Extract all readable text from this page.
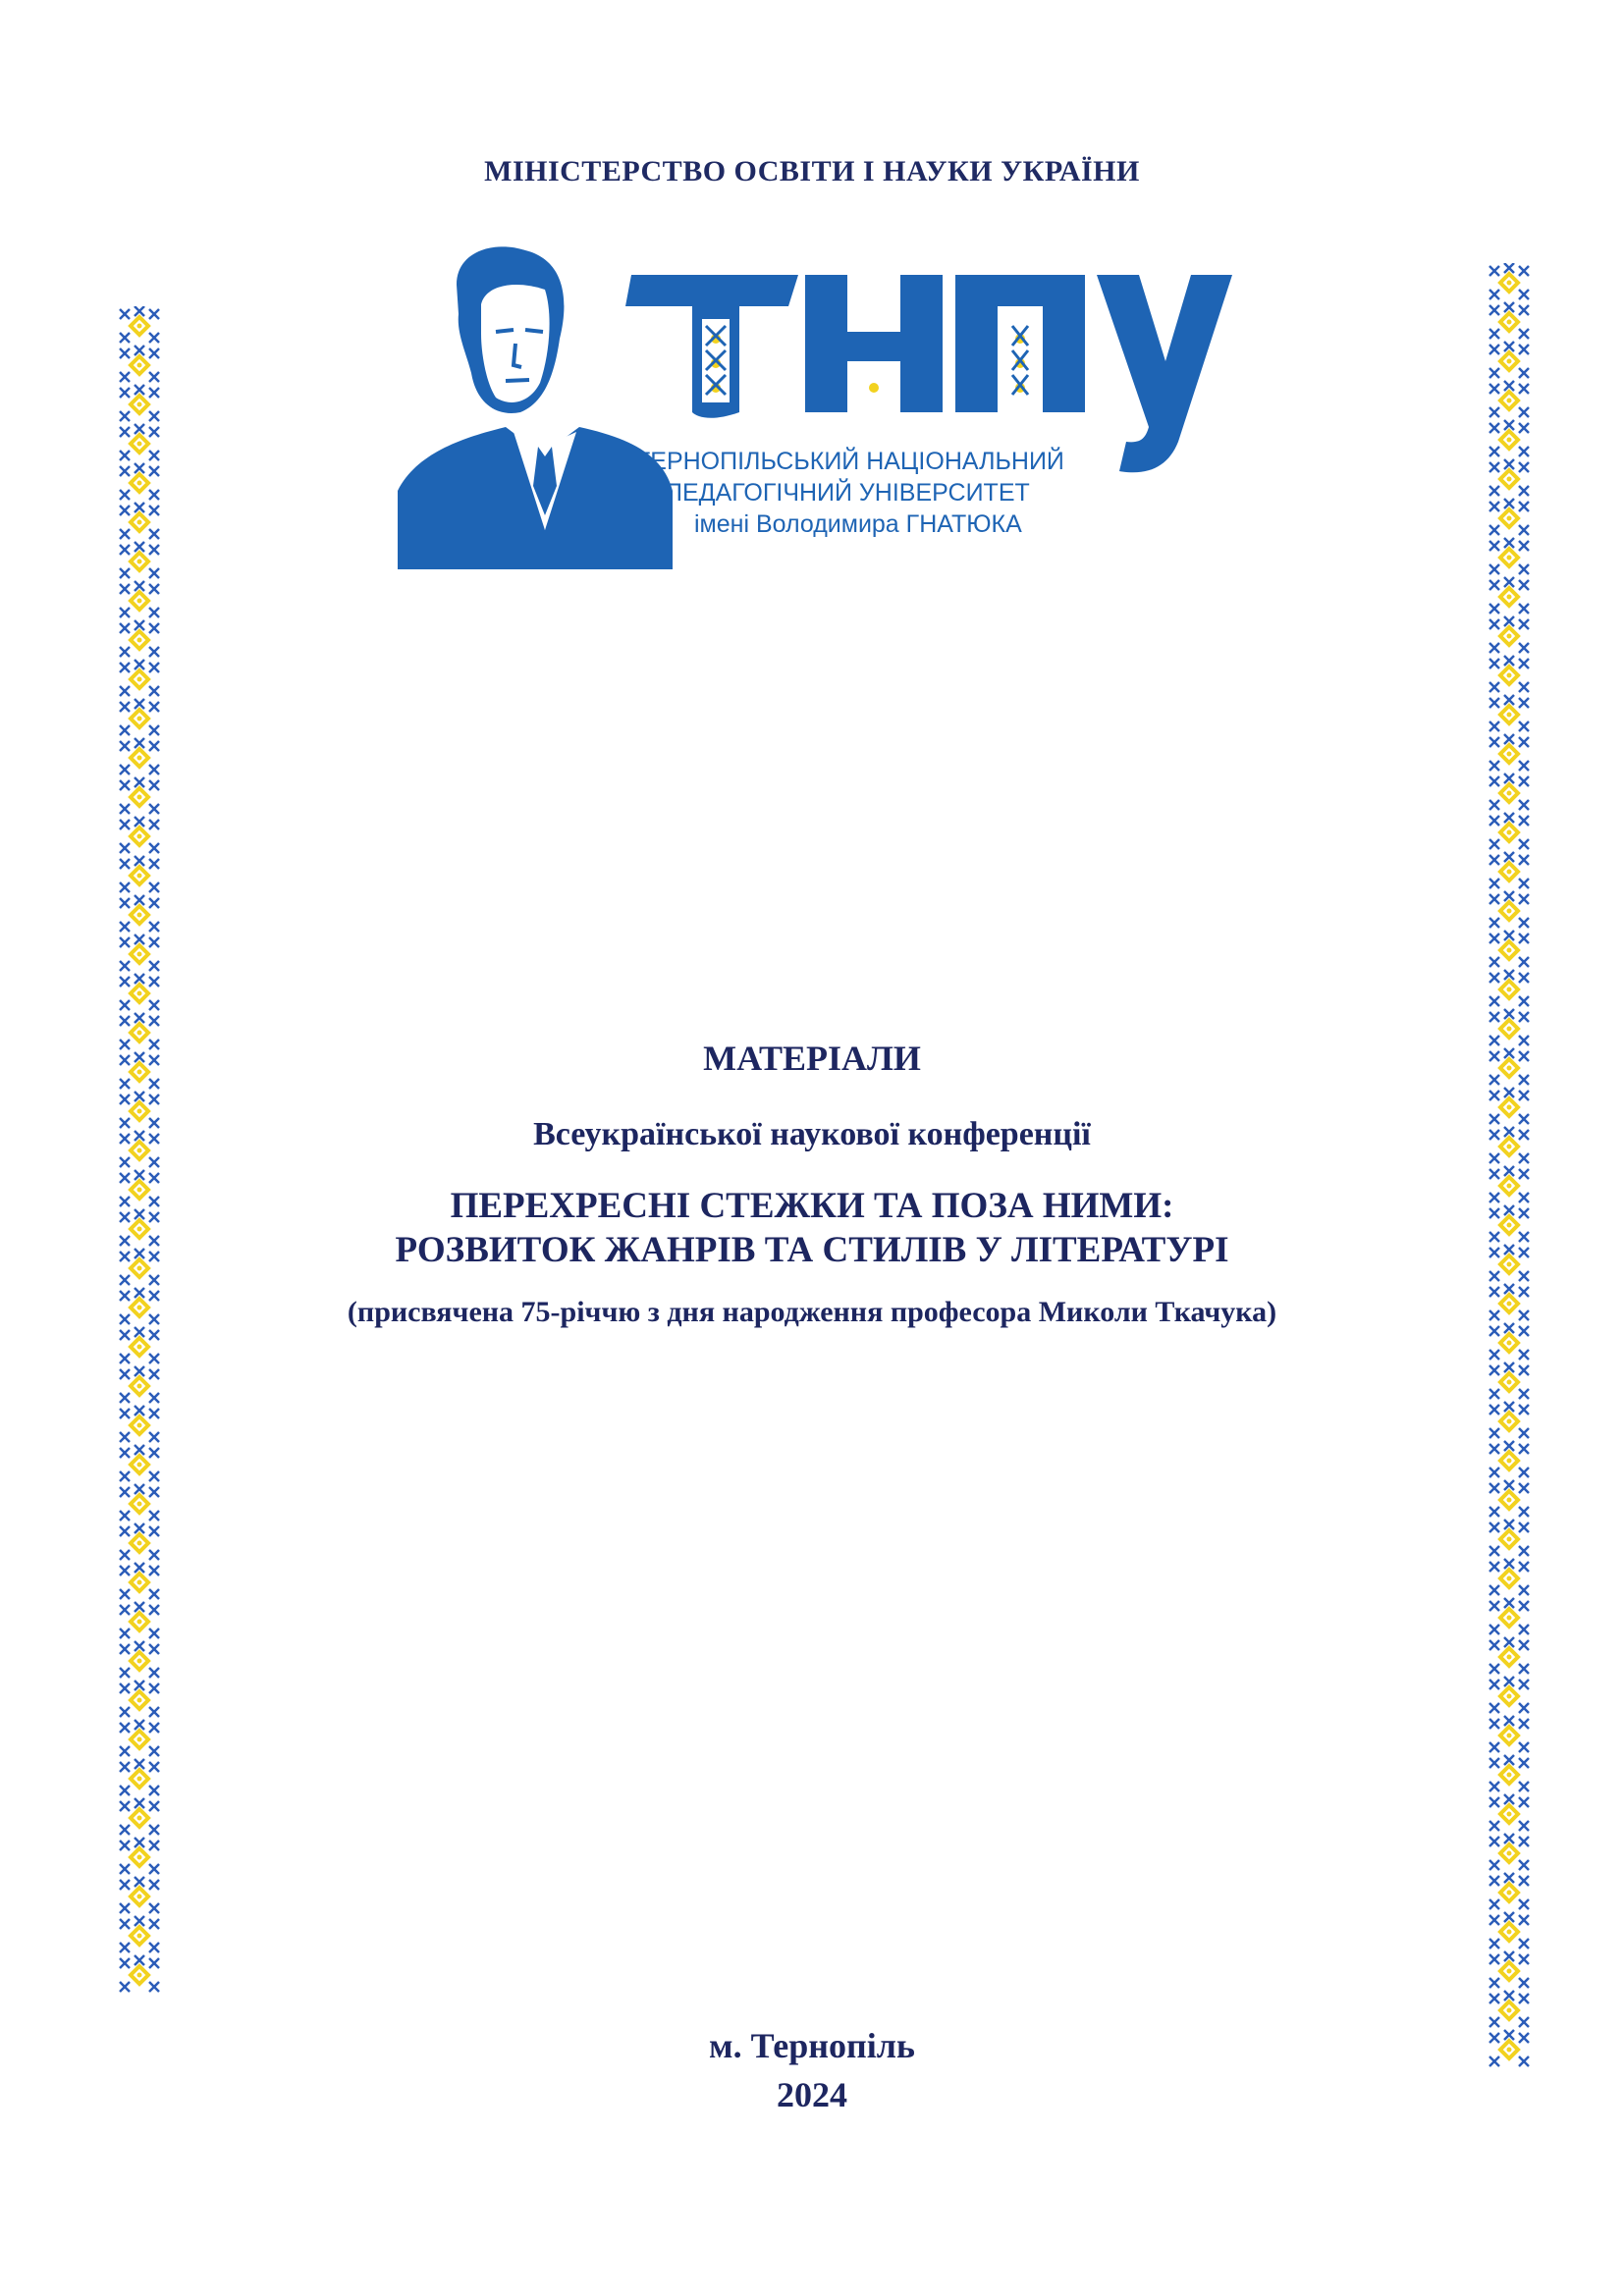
МІНІСТЕРСТВО ОСВІТИ І НАУКИ УКРАЇНИ
ТЕРНОПІЛЬСЬКИЙ НАЦІОНАЛЬНИЙ
ПЕДАГОГІЧНИЙ УНІВЕРСИТЕТ
імені Володимира ГНАТЮКА
МАТЕРІАЛИ
Всеукраїнської наукової конференції
ПЕРЕХРЕСНІ СТЕЖКИ ТА ПОЗА НИМИ:
РОЗВИТОК ЖАНРІВ ТА СТИЛІВ У ЛІТЕРАТУРІ
(присвячена 75-річчю з дня народження професора Миколи Ткачука)
м. Тернопіль
2024
